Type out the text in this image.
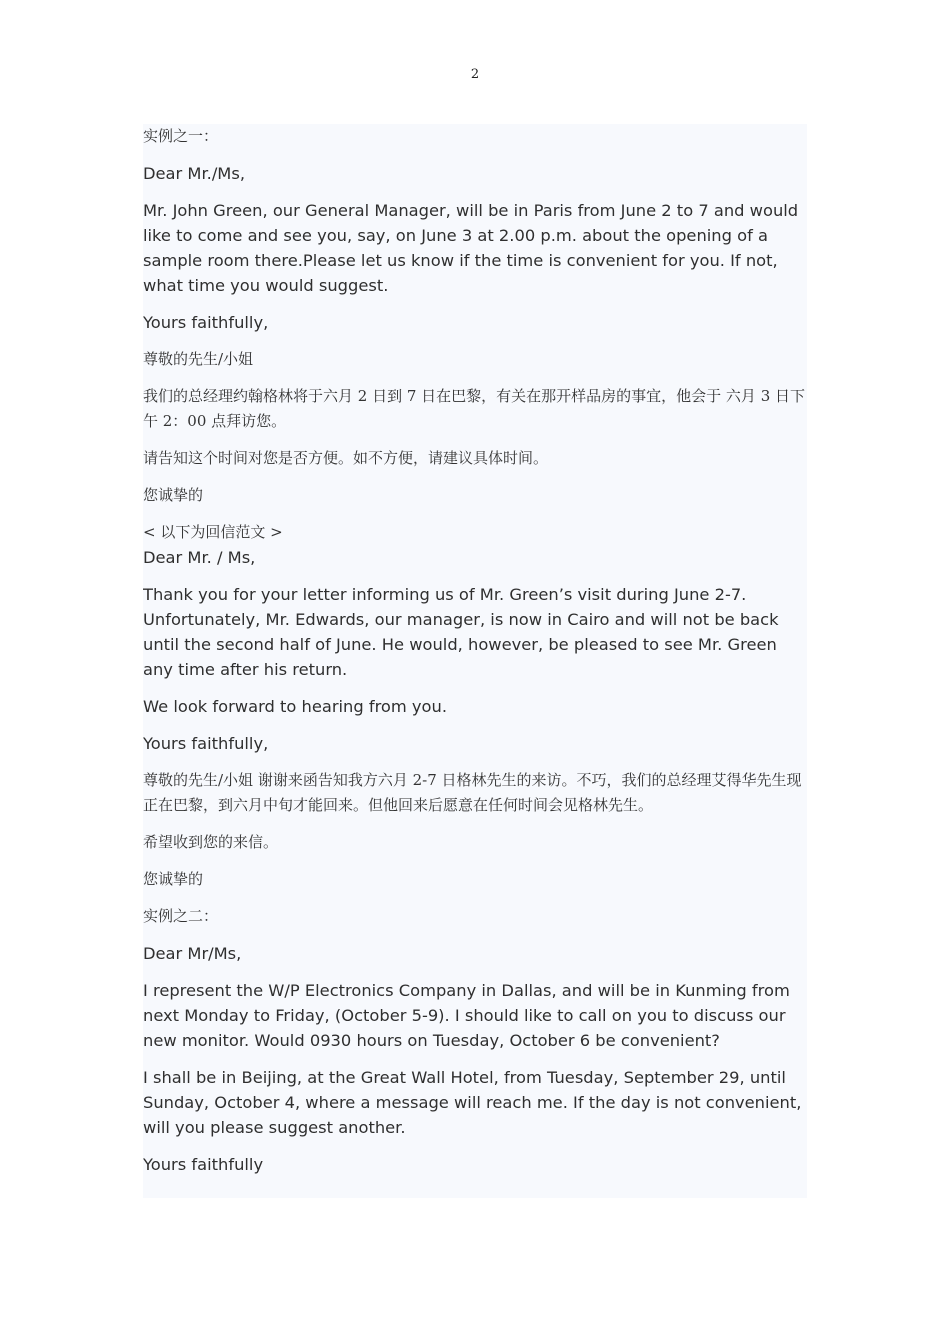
2

实例之一：

Dear Mr./Ms,

Mr. John Green, our General Manager, will be in Paris from June 2 to 7 and would like to come and see you, say, on June 3 at 2.00 p.m. about the opening of a sample room there.Please let us know if the time is convenient for you. If not, what time you would suggest.

Yours faithfully,

尊敬的先生/小姐

我们的总经理约翰格林将于六月 2 日到 7 日在巴黎，有关在那开样品房的事宜，他会于 六月 3 日下午 2：00 点拜访您。

请告知这个时间对您是否方便。如不方便，请建议具体时间。

您诚挚的

< 以下为回信范文 >

Dear Mr. / Ms,

Thank you for your letter informing us of Mr. Green’s visit during June 2-7. Unfortunately, Mr. Edwards, our manager, is now in Cairo and will not be back until the second half of June. He would, however, be pleased to see Mr. Green any time after his return.

We look forward to hearing from you.

Yours faithfully,

尊敬的先生/小姐 谢谢来函告知我方六月 2-7 日格林先生的来访。不巧，我们的总经理艾得华先生现正在巴黎，到六月中旬才能回来。但他回来后愿意在任何时间会见格林先生。

希望收到您的来信。

您诚挚的

实例之二：

Dear Mr/Ms,

I represent the W/P Electronics Company in Dallas, and will be in Kunming from next Monday to Friday, (October 5-9). I should like to call on you to discuss our new monitor. Would 0930 hours on Tuesday, October 6 be convenient?

I shall be in Beijing, at the Great Wall Hotel, from Tuesday, September 29, until Sunday, October 4, where a message will reach me. If the day is not convenient, will you please suggest another.

Yours faithfully
